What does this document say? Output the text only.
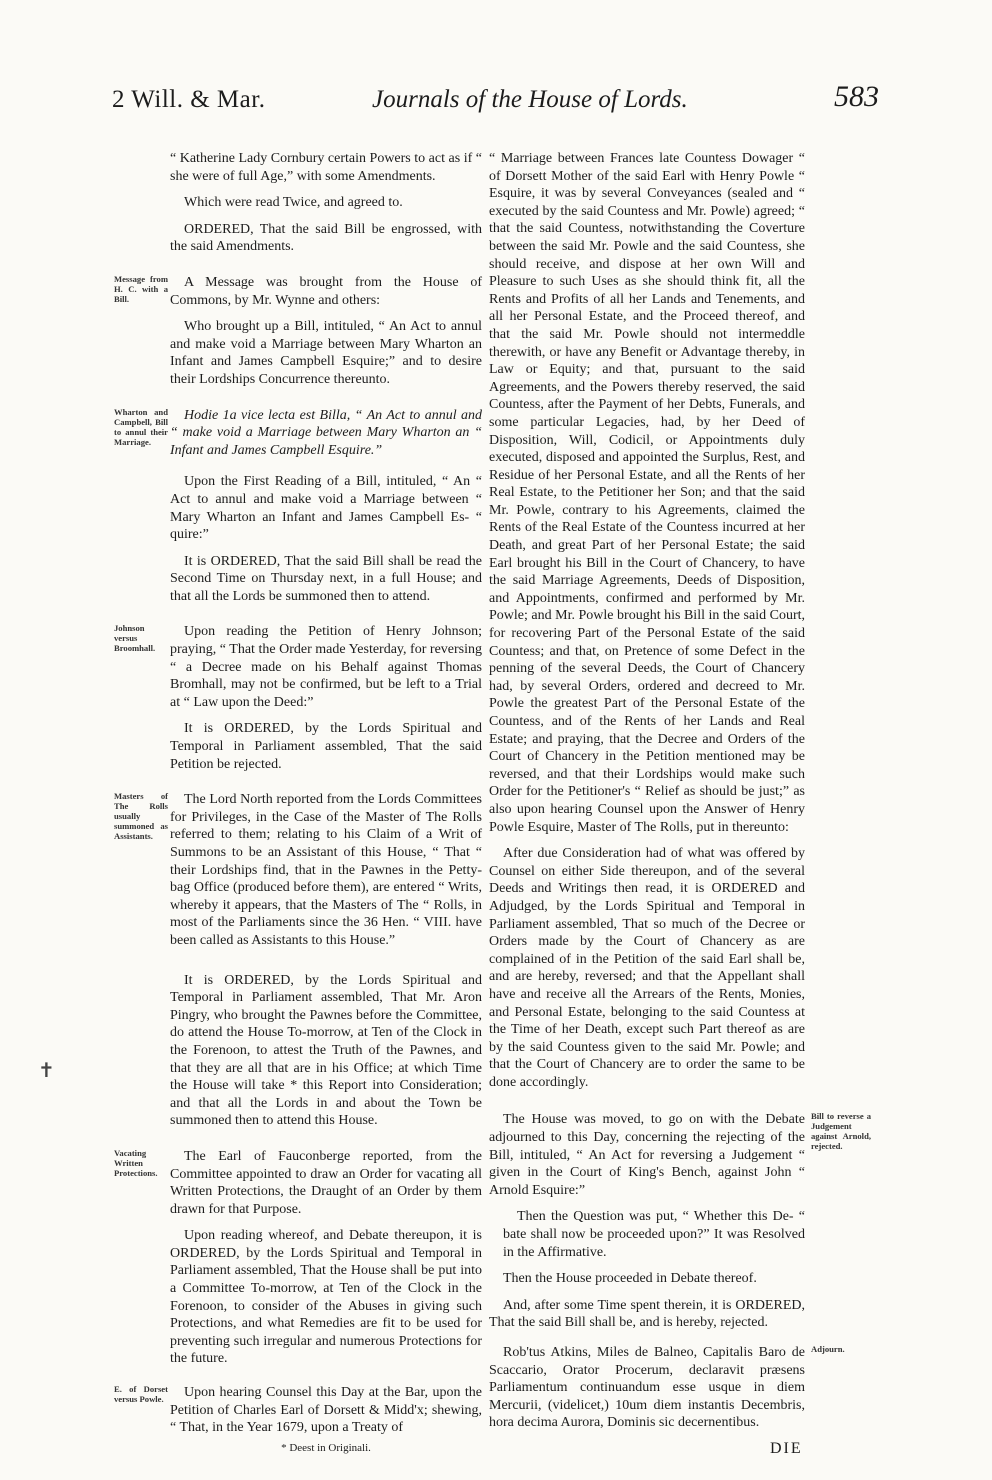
2 Will. & Mar.	Journals of the House of Lords.	583
✝

“ Katherine Lady Cornbury certain Powers to act as if “ she were of full Age,” with some Amendments.

Which were read Twice, and agreed to.

ORDERED, That the said Bill be engrossed, with the said Amendments.

Message from H. C. with a Bill.

A Message was brought from the House of Commons, by Mr. Wynne and others:

Who brought up a Bill, intituled, “ An Act to annul and make void a Marriage between Mary Wharton an Infant and James Campbell Esquire;” and to desire their Lordships Concurrence thereunto.

Wharton and Campbell, Bill to annul their Marriage.

Hodie 1a vice lecta est Billa, “ An Act to annul and “ make void a Marriage between Mary Wharton an “ Infant and James Campbell Esquire.”

Upon the First Reading of a Bill, intituled, “ An “ Act to annul and make void a Marriage between “ Mary Wharton an Infant and James Campbell Es- “ quire:”

It is ORDERED, That the said Bill shall be read the Second Time on Thursday next, in a full House; and that all the Lords be summoned then to attend.

Johnson versus Broomhall.

Upon reading the Petition of Henry Johnson; praying, “ That the Order made Yesterday, for reversing “ a Decree made on his Behalf against Thomas Bromhall, may not be confirmed, but be left to a Trial at “ Law upon the Deed:”

It is ORDERED, by the Lords Spiritual and Temporal in Parliament assembled, That the said Petition be rejected.

Masters of The Rolls usually summoned as Assistants.

The Lord North reported from the Lords Committees for Privileges, in the Case of the Master of The Rolls referred to them; relating to his Claim of a Writ of Summons to be an Assistant of this House, “ That “ their Lordships find, that in the Pawnes in the Petty-bag Office (produced before them), are entered “ Writs, whereby it appears, that the Masters of The “ Rolls, in most of the Parliaments since the 36 Hen. “ VIII. have been called as Assistants to this House.”

It is ORDERED, by the Lords Spiritual and Temporal in Parliament assembled, That Mr. Aron Pingry, who brought the Pawnes before the Committee, do attend the House To-morrow, at Ten of the Clock in the Forenoon, to attest the Truth of the Pawnes, and that they are all that are in his Office; at which Time the House will take * this Report into Consideration; and that all the Lords in and about the Town be summoned then to attend this House.

Vacating Written Protections.

The Earl of Fauconberge reported, from the Committee appointed to draw an Order for vacating all Written Protections, the Draught of an Order by them drawn for that Purpose.

Upon reading whereof, and Debate thereupon, it is ORDERED, by the Lords Spiritual and Temporal in Parliament assembled, That the House shall be put into a Committee To-morrow, at Ten of the Clock in the Forenoon, to consider of the Abuses in giving such Protections, and what Remedies are fit to be used for preventing such irregular and numerous Protections for the future.

E. of Dorset versus Powle.	Upon hearing Counsel this Day at the Bar, upon the Petition of Charles Earl of Dorsett & Midd'x; shewing, “ That, in the Year 1679, upon a Treaty of

* Deest in Originali.

“ Marriage between Frances late Countess Dowager “ of Dorsett Mother of the said Earl with Henry Powle “ Esquire, it was by several Conveyances (sealed and “ executed by the said Countess and Mr. Powle) agreed; “ that the said Countess, notwithstanding the Coverture between the said Mr. Powle and the said Countess, she should receive, and dispose at her own Will and Pleasure to such Uses as she should think fit, all the Rents and Profits of all her Lands and Tenements, and all her Personal Estate, and the Proceed thereof, and that the said Mr. Powle should not intermeddle therewith, or have any Benefit or Advantage thereby, in Law or Equity; and that, pursuant to the said Agreements, and the Powers thereby reserved, the said Countess, after the Payment of her Debts, Funerals, and some particular Legacies, had, by her Deed of Disposition, Will, Codicil, or Appointments duly executed, disposed and appointed the Surplus, Rest, and Residue of her Personal Estate, and all the Rents of her Real Estate, to the Petitioner her Son; and that the said Mr. Powle, contrary to his Agreements, claimed the Rents of the Real Estate of the Countess incurred at her Death, and great Part of her Personal Estate; the said Earl brought his Bill in the Court of Chancery, to have the said Marriage Agreements, Deeds of Disposition, and Appointments, confirmed and performed by Mr. Powle; and Mr. Powle brought his Bill in the said Court, for recovering Part of the Personal Estate of the said Countess; and that, on Pretence of some Defect in the penning of the several Deeds, the Court of Chancery had, by several Orders, ordered and decreed to Mr. Powle the greatest Part of the Personal Estate of the Countess, and of the Rents of her Lands and Real Estate; and praying, that the Decree and Orders of the Court of Chancery in the Petition mentioned may be reversed, and that their Lordships would make such Order for the Petitioner's “ Relief as should be just;” as also upon hearing Counsel upon the Answer of Henry Powle Esquire, Master of The Rolls, put in thereunto:

After due Consideration had of what was offered by Counsel on either Side thereupon, and of the several Deeds and Writings then read, it is ORDERED and Adjudged, by the Lords Spiritual and Temporal in Parliament assembled, That so much of the Decree or Orders made by the Court of Chancery as are complained of in the Petition of the said Earl shall be, and are hereby, reversed; and that the Appellant shall have and receive all the Arrears of the Rents, Monies, and Personal Estate, belonging to the said Countess at the Time of her Death, except such Part thereof as are by the said Countess given to the said Mr. Powle; and that the Court of Chancery are to order the same to be done accordingly.

Bill to reverse a Judgement against Arnold, rejected.

The House was moved, to go on with the Debate adjourned to this Day, concerning the rejecting of the Bill, intituled, “ An Act for reversing a Judgement “ given in the Court of King's Bench, against John “ Arnold Esquire:”

Then the Question was put, “ Whether this De- “ bate shall now be proceeded upon?” It was Resolved in the Affirmative.

Then the House proceeded in Debate thereof.

And, after some Time spent therein, it is ORDERED, That the said Bill shall be, and is hereby, rejected.

Adjourn.

Rob'tus Atkins, Miles de Balneo, Capitalis Baro de Scaccario, Orator Procerum, declaravit præsens Parliamentum continuandum esse usque in diem Mercurii, (videlicet,) 10um diem instantis Decembris, hora decima Aurora, Dominis sic decernentibus.

DIE
